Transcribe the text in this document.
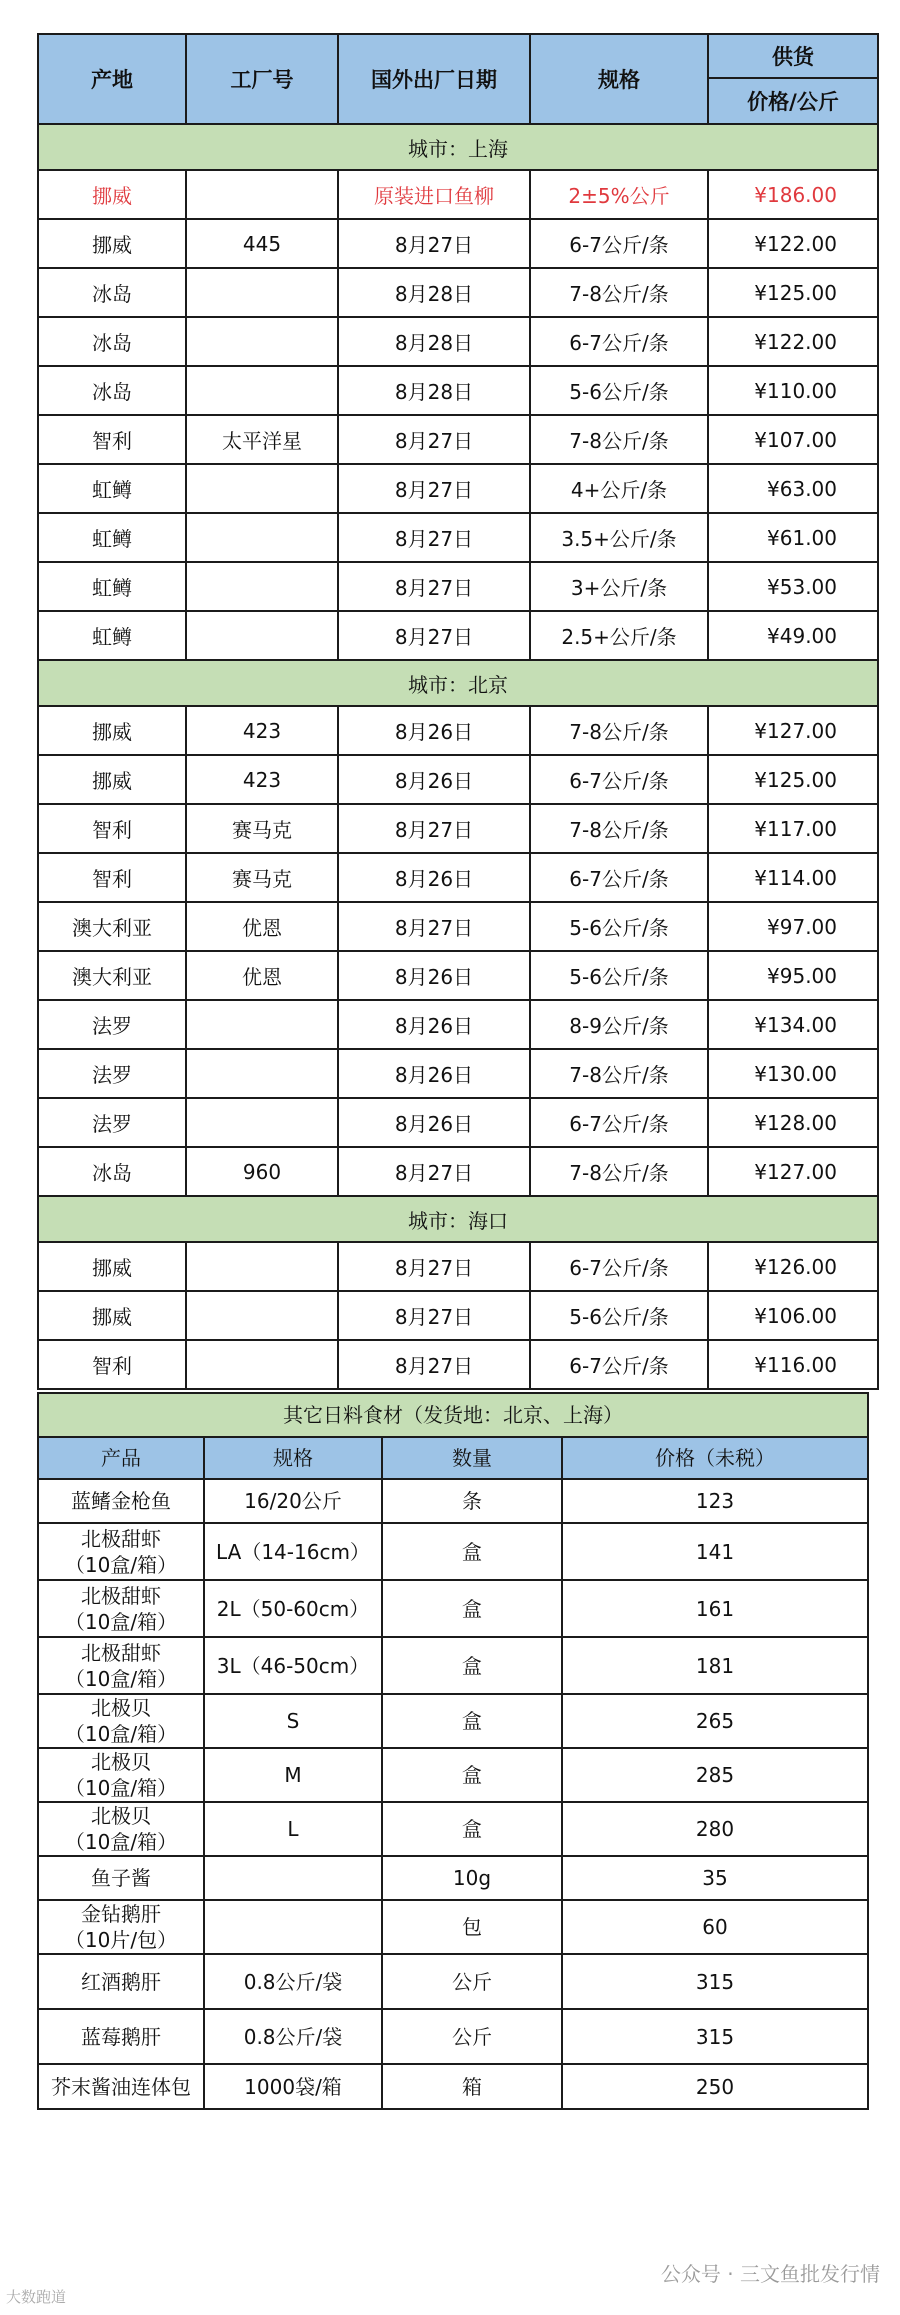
产地	工厂号	国外出厂日期	规格	供货
				价格/公斤
城市：上海				
挪威		原装进口鱼柳	2±5%公斤	¥186.00
挪威	445	8月27日	6-7公斤/条	¥122.00
冰岛		8月28日	7-8公斤/条	¥125.00
冰岛		8月28日	6-7公斤/条	¥122.00
冰岛		8月28日	5-6公斤/条	¥110.00
智利	太平洋星	8月27日	7-8公斤/条	¥107.00
虹鳟		8月27日	4+公斤/条	¥63.00
虹鳟		8月27日	3.5+公斤/条	¥61.00
虹鳟		8月27日	3+公斤/条	¥53.00
虹鳟		8月27日	2.5+公斤/条	¥49.00
城市：北京				
挪威	423	8月26日	7-8公斤/条	¥127.00
挪威	423	8月26日	6-7公斤/条	¥125.00
智利	赛马克	8月27日	7-8公斤/条	¥117.00
智利	赛马克	8月26日	6-7公斤/条	¥114.00
澳大利亚	优恩	8月27日	5-6公斤/条	¥97.00
澳大利亚	优恩	8月26日	5-6公斤/条	¥95.00
法罗		8月26日	8-9公斤/条	¥134.00
法罗		8月26日	7-8公斤/条	¥130.00
法罗		8月26日	6-7公斤/条	¥128.00
冰岛	960	8月27日	7-8公斤/条	¥127.00
城市：海口				
挪威		8月27日	6-7公斤/条	¥126.00
挪威		8月27日	5-6公斤/条	¥106.00
智利		8月27日	6-7公斤/条	¥116.00
其它日料食材（发货地：北京、上海）			
产品	规格	数量	价格（未税）
蓝鳍金枪鱼	16/20公斤	条	123
北极甜虾
（10盒/箱）	LA（14-16cm）	盒	141
北极甜虾
（10盒/箱）	2L（50-60cm）	盒	161
北极甜虾
（10盒/箱）	3L（46-50cm）	盒	181
北极贝
（10盒/箱）	S	盒	265
北极贝
（10盒/箱）	M	盒	285
北极贝
（10盒/箱）	L	盒	280
鱼子酱		10g	35
金钻鹅肝
（10片/包）		包	60
红酒鹅肝	0.8公斤/袋	公斤	315
蓝莓鹅肝	0.8公斤/袋	公斤	315
芥末酱油连体包	1000袋/箱	箱	250
大数跑道
公众号 · 三文鱼批发行情
